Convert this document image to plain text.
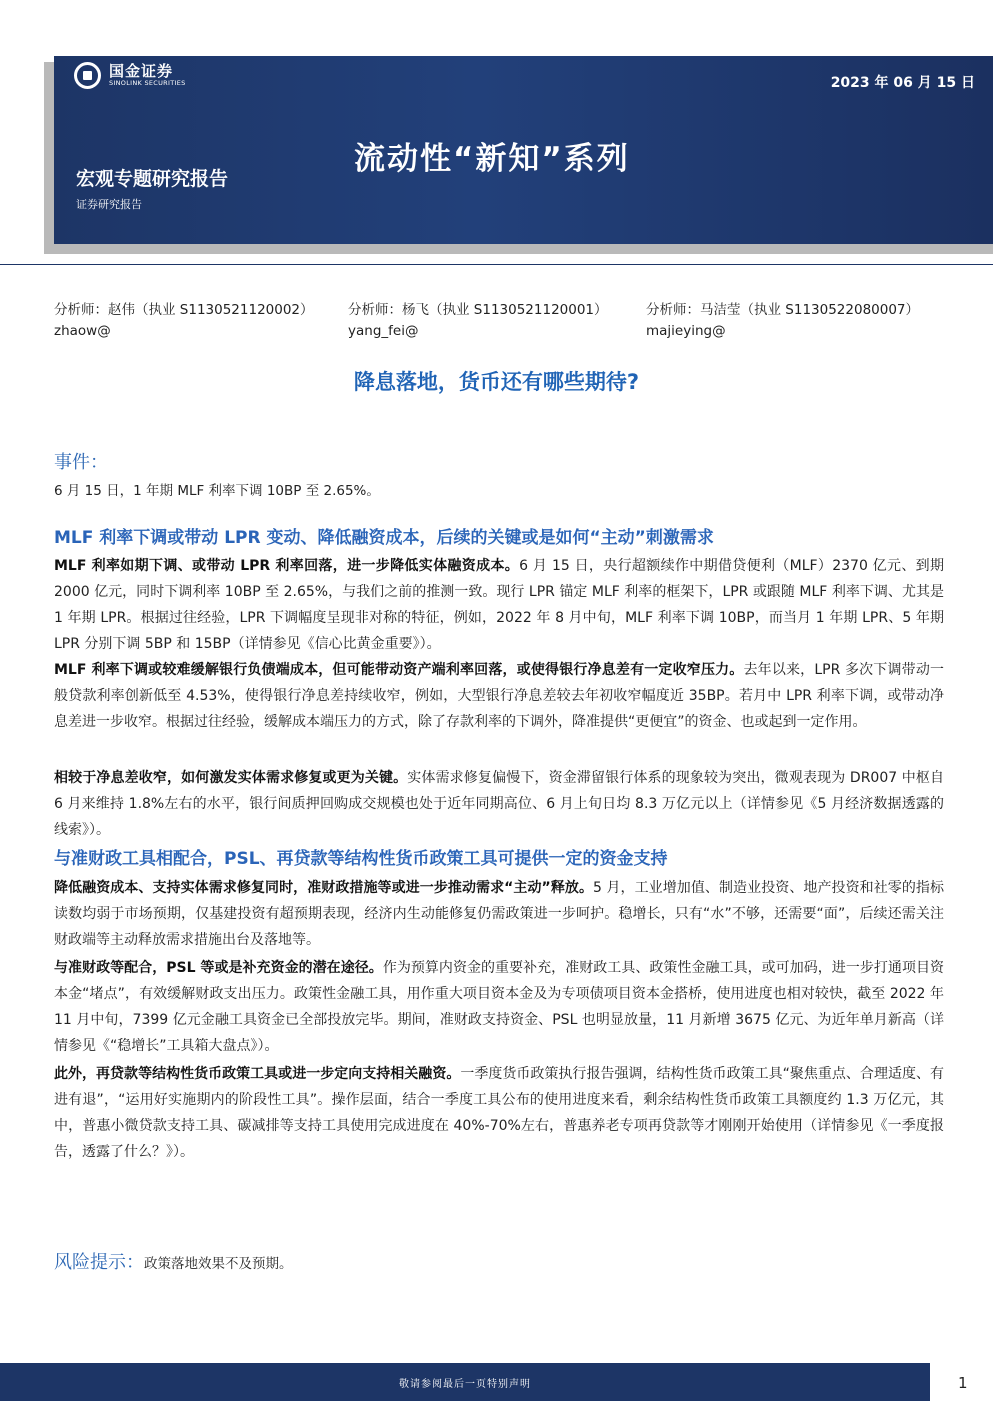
国金证券
SINOLINK SECURITIES	2023 年 06 月 15 日
流动性“新知”系列
宏观专题研究报告
证券研究报告
分析师：赵伟（执业 S1130521120002）
zhaow@
分析师：杨飞（执业 S1130521120001）
yang_fei@
分析师：马洁莹（执业 S1130522080007）
majieying@
降息落地，货币还有哪些期待?
事件：
6 月 15 日，1 年期 MLF 利率下调 10BP 至 2.65%。
MLF 利率下调或带动 LPR 变动、降低融资成本，后续的关键或是如何“主动”刺激需求

MLF 利率如期下调、或带动 LPR 利率回落，进一步降低实体融资成本。6 月 15 日，央行超额续作中期借贷便利（MLF）2370 亿元、到期 2000 亿元，同时下调利率 10BP 至 2.65%，与我们之前的推测一致。现行 LPR 锚定 MLF 利率的框架下，LPR 或跟随 MLF 利率下调、尤其是 1 年期 LPR。根据过往经验，LPR 下调幅度呈现非对称的特征，例如，2022 年 8 月中旬，MLF 利率下调 10BP，而当月 1 年期 LPR、5 年期 LPR 分别下调 5BP 和 15BP（详情参见《信心比黄金重要》）。

MLF 利率下调或较难缓解银行负债端成本，但可能带动资产端利率回落，或使得银行净息差有一定收窄压力。去年以来，LPR 多次下调带动一般贷款利率创新低至 4.53%，使得银行净息差持续收窄，例如，大型银行净息差较去年初收窄幅度近 35BP。若月中 LPR 利率下调，或带动净息差进一步收窄。根据过往经验，缓解成本端压力的方式，除了存款利率的下调外，降准提供“更便宜”的资金、也或起到一定作用。

相较于净息差收窄，如何激发实体需求修复或更为关键。实体需求修复偏慢下，资金滞留银行体系的现象较为突出，微观表现为 DR007 中枢自 6 月来维持 1.8%左右的水平，银行间质押回购成交规模也处于近年同期高位、6 月上旬日均 8.3 万亿元以上（详情参见《5 月经济数据透露的线索》）。

与准财政工具相配合，PSL、再贷款等结构性货币政策工具可提供一定的资金支持

降低融资成本、支持实体需求修复同时，准财政措施等或进一步推动需求“主动”释放。5 月，工业增加值、制造业投资、地产投资和社零的指标读数均弱于市场预期，仅基建投资有超预期表现，经济内生动能修复仍需政策进一步呵护。稳增长，只有“水”不够，还需要“面”，后续还需关注财政端等主动释放需求措施出台及落地等。

与准财政等配合，PSL 等或是补充资金的潜在途径。作为预算内资金的重要补充，准财政工具、政策性金融工具，或可加码，进一步打通项目资本金“堵点”，有效缓解财政支出压力。政策性金融工具，用作重大项目资本金及为专项债项目资本金搭桥，使用进度也相对较快，截至 2022 年 11 月中旬，7399 亿元金融工具资金已全部投放完毕。期间，准财政支持资金、PSL 也明显放量，11 月新增 3675 亿元、为近年单月新高（详情参见《“稳增长”工具箱大盘点》）。

此外，再贷款等结构性货币政策工具或进一步定向支持相关融资。一季度货币政策执行报告强调，结构性货币政策工具“聚焦重点、合理适度、有进有退”，“运用好实施期内的阶段性工具”。操作层面，结合一季度工具公布的使用进度来看，剩余结构性货币政策工具额度约 1.3 万亿元，其中，普惠小微贷款支持工具、碳减排等支持工具使用完成进度在 40%-70%左右，普惠养老专项再贷款等才刚刚开始使用（详情参见《一季度报告，透露了什么？》）。

风险提示：政策落地效果不及预期。
敬请参阅最后一页特别声明	1
